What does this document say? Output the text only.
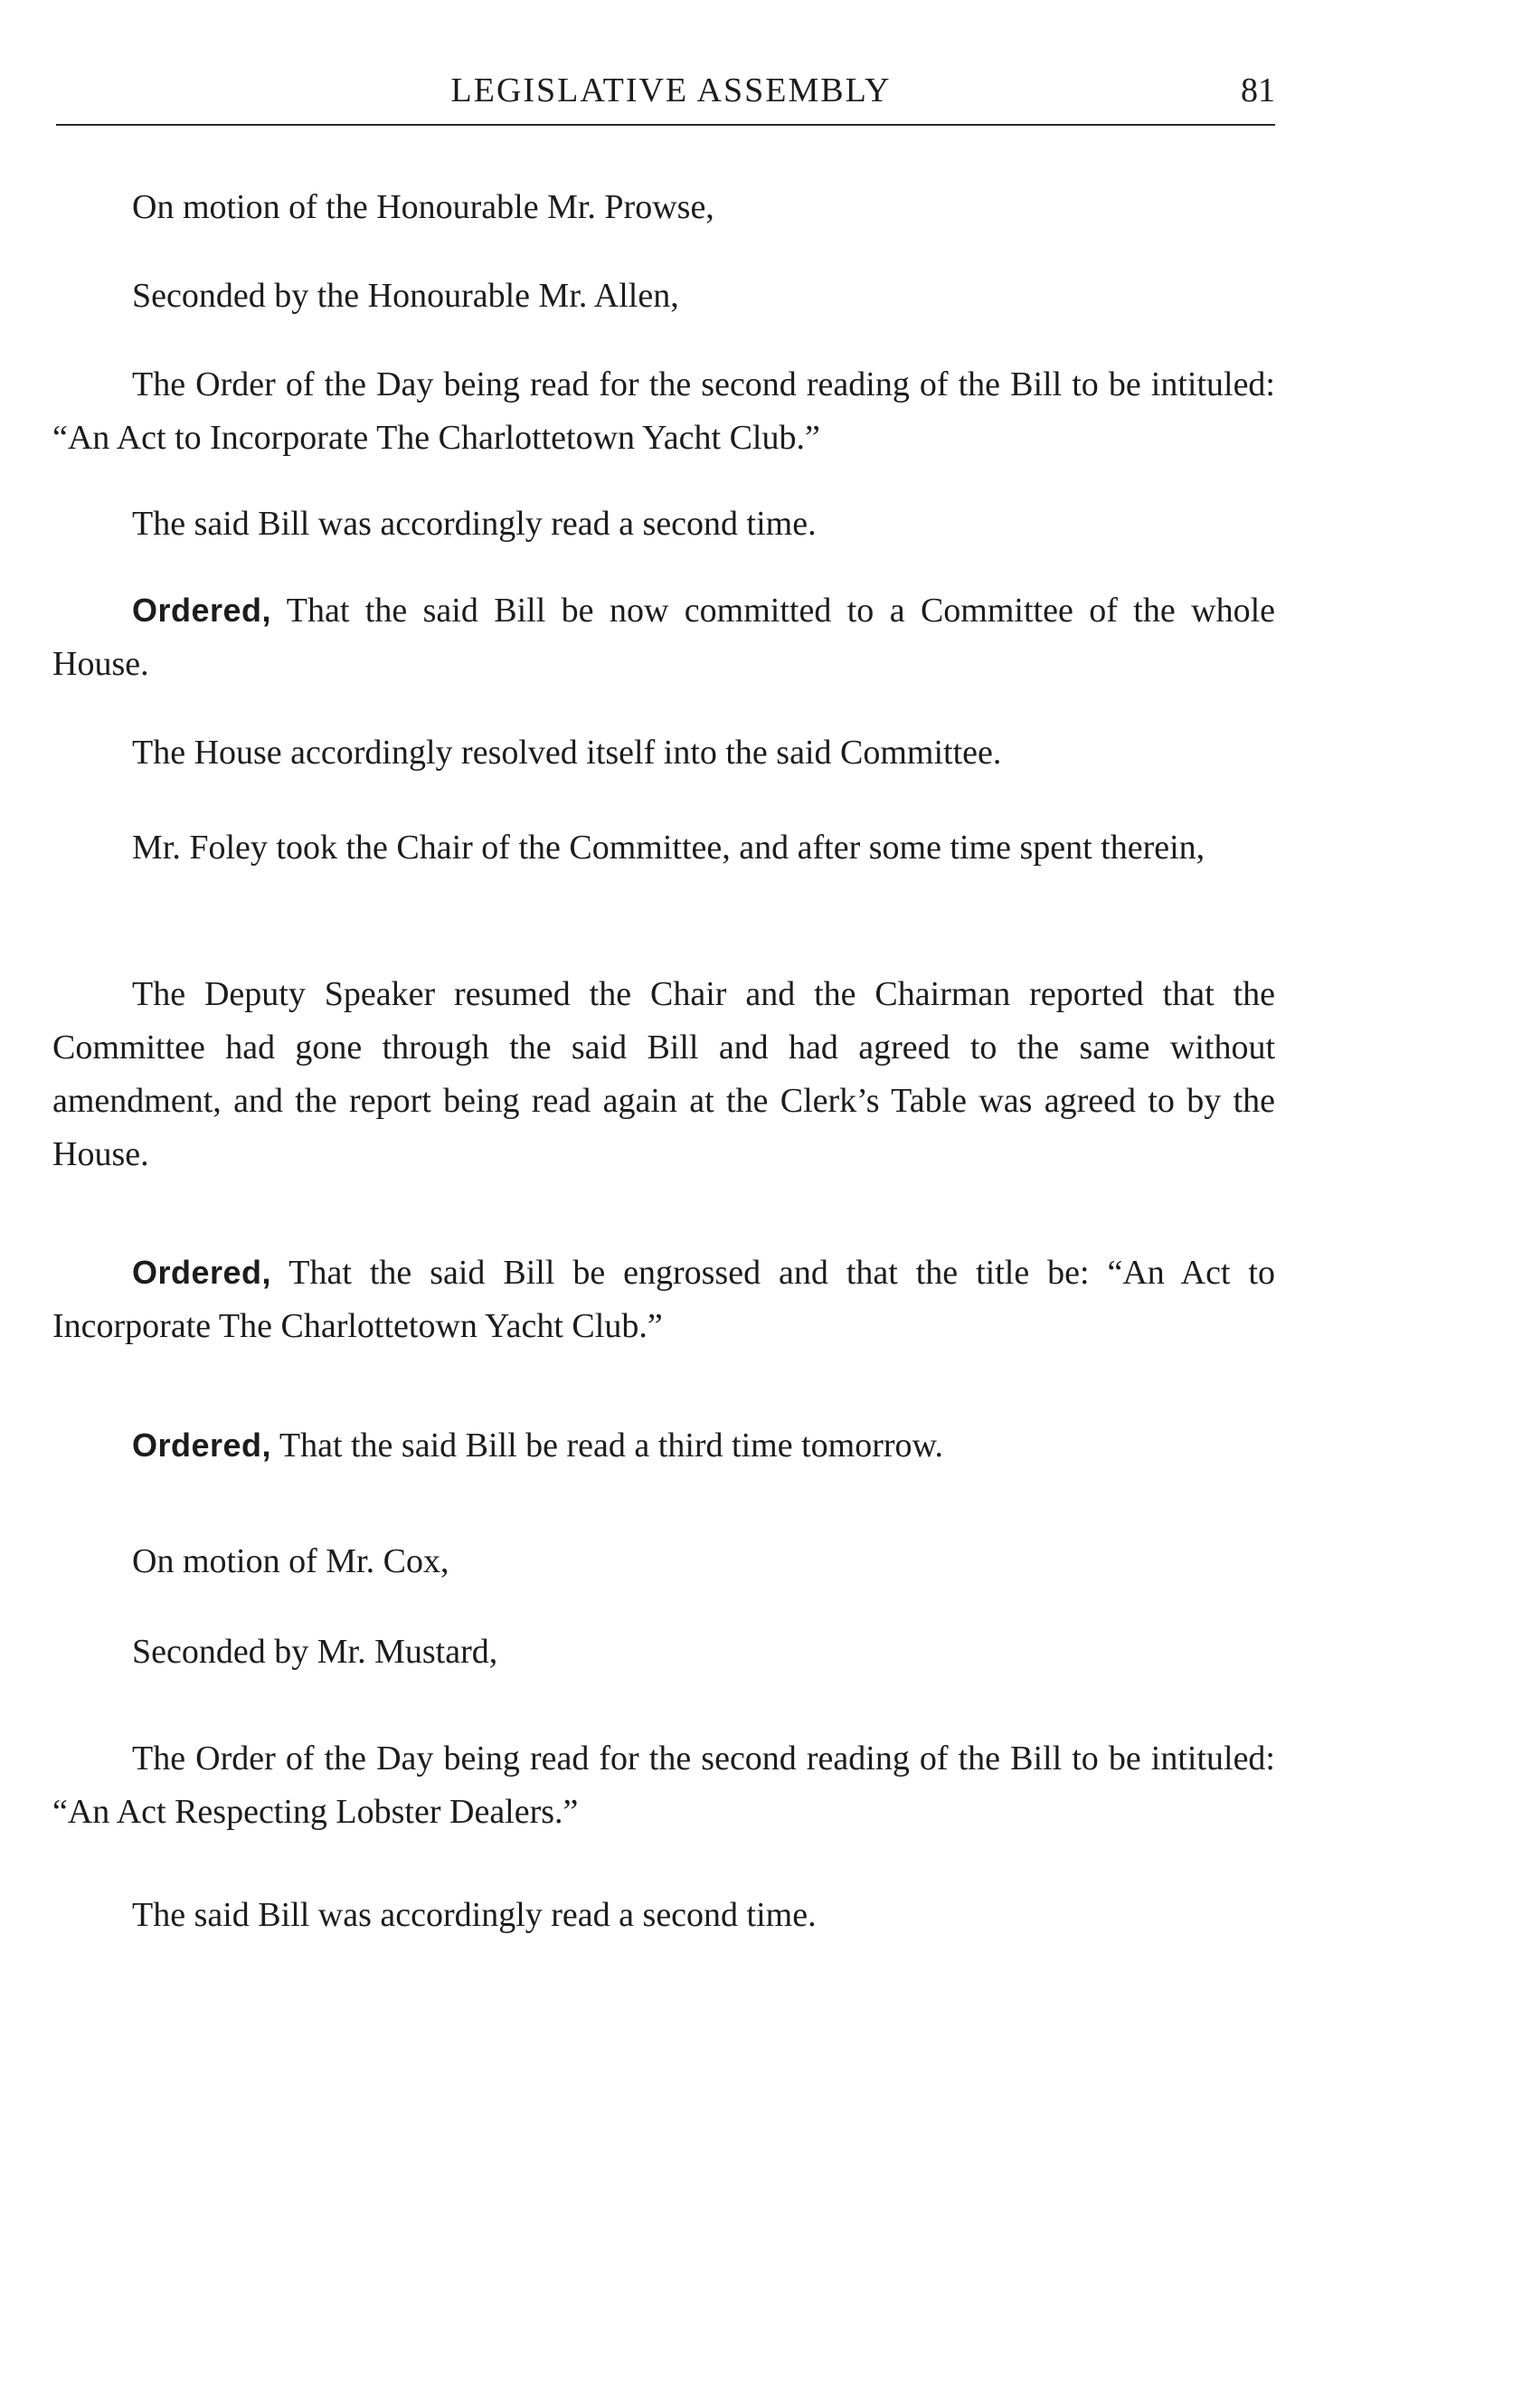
LEGISLATIVE ASSEMBLY	81

On motion of the Honourable Mr. Prowse,

Seconded by the Honourable Mr. Allen,

The Order of the Day being read for the second reading of the Bill to be intituled: “An Act to Incorporate The Charlottetown Yacht Club.”

The said Bill was accordingly read a second time.

Ordered, That the said Bill be now committed to a Committee of the whole House.

The House accordingly resolved itself into the said Committee.

Mr. Foley took the Chair of the Committee, and after some time spent therein,

The Deputy Speaker resumed the Chair and the Chairman reported that the Committee had gone through the said Bill and had agreed to the same without amendment, and the report being read again at the Clerk’s Table was agreed to by the House.

Ordered, That the said Bill be engrossed and that the title be: “An Act to Incorporate The Charlottetown Yacht Club.”

Ordered, That the said Bill be read a third time tomorrow.

On motion of Mr. Cox,

Seconded by Mr. Mustard,

The Order of the Day being read for the second reading of the Bill to be intituled: “An Act Respecting Lobster Dealers.”

The said Bill was accordingly read a second time.
